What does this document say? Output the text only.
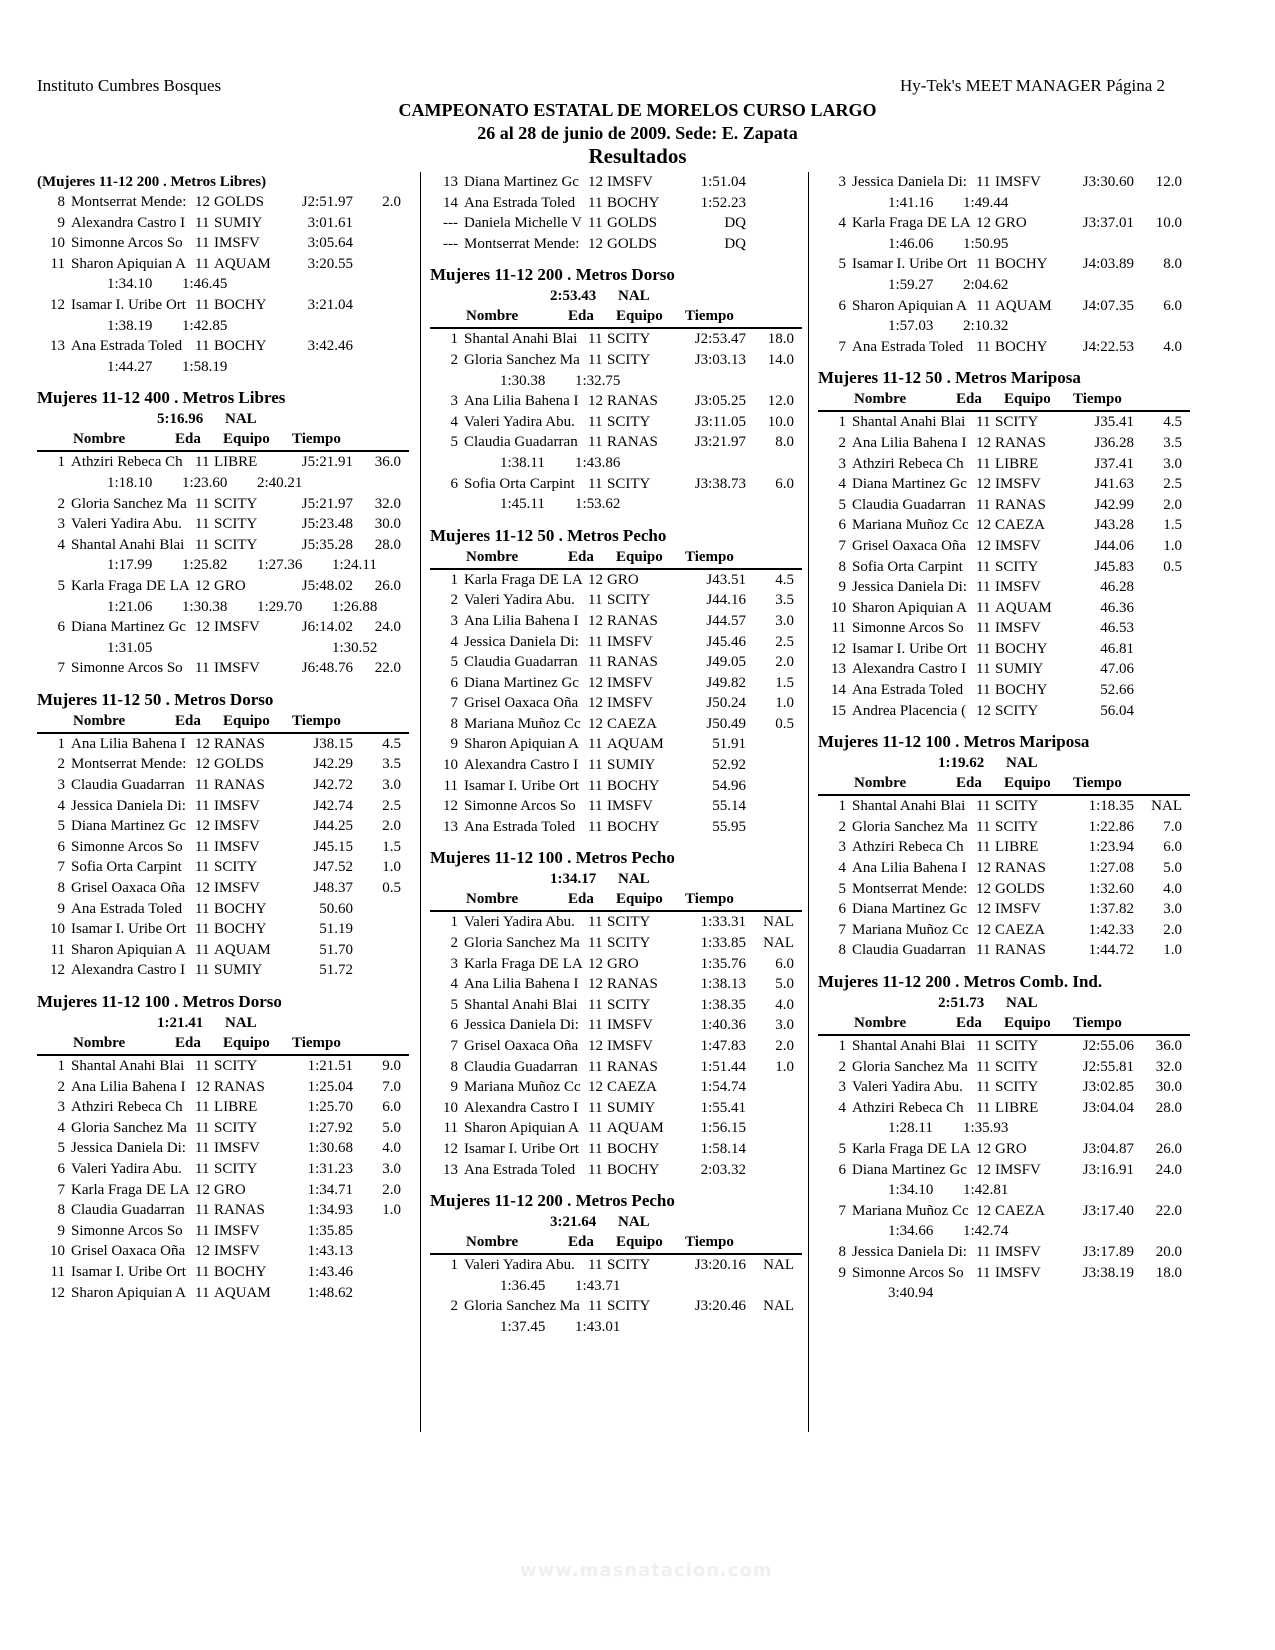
Instituto Cumbres Bosques	Hy-Tek's MEET MANAGER Página 2
CAMPEONATO ESTATAL DE MORELOS CURSO LARGO
26 al 28 de junio de 2009. Sede: E. Zapata
Resultados
www.masnatacion.com
(Mujeres 11-12 200 . Metros Libres)
8 Montserrat Mende: 12 GOLDS	J2:51.97	2.0
9 Alexandra Castro I 11 SUMIY	3:01.61
10 Simonne Arcos So 11 IMSFV	3:05.64
11 Sharon Apiquian A 11 AQUAM	3:20.55
1:34.10	1:46.45
12 Isamar I. Uribe Ort 11 BOCHY	3:21.04
1:38.19	1:42.85
13 Ana Estrada Toled 11 BOCHY	3:42.46
1:44.27	1:58.19
Mujeres 11-12 400 . Metros Libres
5:16.96 NAL
Nombre	Eda Equipo Tiempo
1 Athziri Rebeca Ch 11 LIBRE	J5:21.91	36.0
1:18.10	1:23.60	2:40.21
2 Gloria Sanchez Ma 11 SCITY	J5:21.97	32.0
3 Valeri Yadira Abu. 11 SCITY	J5:23.48	30.0
4 Shantal Anahi Blai 11 SCITY	J5:35.28	28.0
1:17.99	1:25.82	1:27.36	1:24.11
5 Karla Fraga DE LA 12 GRO	J5:48.02	26.0
1:21.06	1:30.38	1:29.70	1:26.88
6 Diana Martinez Gc 12 IMSFV	J6:14.02	24.0
1:31.05	1:30.52
7 Simonne Arcos So 11 IMSFV	J6:48.76	22.0
Mujeres 11-12 50 . Metros Dorso
Nombre	Eda Equipo Tiempo
1 Ana Lilia Bahena I 12 RANAS	J38.15	4.5
2 Montserrat Mende: 12 GOLDS	J42.29	3.5
3 Claudia Guadarran 11 RANAS	J42.72	3.0
4 Jessica Daniela Di: 11 IMSFV	J42.74	2.5
5 Diana Martinez Gc 12 IMSFV	J44.25	2.0
6 Simonne Arcos So 11 IMSFV	J45.15	1.5
7 Sofia Orta Carpint 11 SCITY	J47.52	1.0
8 Grisel Oaxaca Oña 12 IMSFV	J48.37	0.5
9 Ana Estrada Toled 11 BOCHY	50.60
10 Isamar I. Uribe Ort 11 BOCHY	51.19
11 Sharon Apiquian A 11 AQUAM	51.70
12 Alexandra Castro I 11 SUMIY	51.72
Mujeres 11-12 100 . Metros Dorso
1:21.41 NAL
Nombre	Eda Equipo Tiempo
1 Shantal Anahi Blai 11 SCITY	1:21.51	9.0
2 Ana Lilia Bahena I 12 RANAS	1:25.04	7.0
3 Athziri Rebeca Ch 11 LIBRE	1:25.70	6.0
4 Gloria Sanchez Ma 11 SCITY	1:27.92	5.0
5 Jessica Daniela Di: 11 IMSFV	1:30.68	4.0
6 Valeri Yadira Abu. 11 SCITY	1:31.23	3.0
7 Karla Fraga DE LA 12 GRO	1:34.71	2.0
8 Claudia Guadarran 11 RANAS	1:34.93	1.0
9 Simonne Arcos So 11 IMSFV	1:35.85
10 Grisel Oaxaca Oña 12 IMSFV	1:43.13
11 Isamar I. Uribe Ort 11 BOCHY	1:43.46
12 Sharon Apiquian A 11 AQUAM	1:48.62
13 Diana Martinez Gc 12 IMSFV	1:51.04
14 Ana Estrada Toled 11 BOCHY	1:52.23
--- Daniela Michelle V 11 GOLDS	DQ
--- Montserrat Mende: 12 GOLDS	DQ
Mujeres 11-12 200 . Metros Dorso
2:53.43 NAL
Nombre	Eda Equipo Tiempo
1 Shantal Anahi Blai 11 SCITY	J2:53.47	18.0
2 Gloria Sanchez Ma 11 SCITY	J3:03.13	14.0
1:30.38	1:32.75
3 Ana Lilia Bahena I 12 RANAS	J3:05.25	12.0
4 Valeri Yadira Abu. 11 SCITY	J3:11.05	10.0
5 Claudia Guadarran 11 RANAS	J3:21.97	8.0
1:38.11	1:43.86
6 Sofia Orta Carpint 11 SCITY	J3:38.73	6.0
1:45.11	1:53.62
Mujeres 11-12 50 . Metros Pecho
Nombre	Eda Equipo Tiempo
1 Karla Fraga DE LA 12 GRO	J43.51	4.5
2 Valeri Yadira Abu. 11 SCITY	J44.16	3.5
3 Ana Lilia Bahena I 12 RANAS	J44.57	3.0
4 Jessica Daniela Di: 11 IMSFV	J45.46	2.5
5 Claudia Guadarran 11 RANAS	J49.05	2.0
6 Diana Martinez Gc 12 IMSFV	J49.82	1.5
7 Grisel Oaxaca Oña 12 IMSFV	J50.24	1.0
8 Mariana Muñoz Cc 12 CAEZA	J50.49	0.5
9 Sharon Apiquian A 11 AQUAM	51.91
10 Alexandra Castro I 11 SUMIY	52.92
11 Isamar I. Uribe Ort 11 BOCHY	54.96
12 Simonne Arcos So 11 IMSFV	55.14
13 Ana Estrada Toled 11 BOCHY	55.95
Mujeres 11-12 100 . Metros Pecho
1:34.17 NAL
Nombre	Eda Equipo Tiempo
1 Valeri Yadira Abu. 11 SCITY	1:33.31	NAL
2 Gloria Sanchez Ma 11 SCITY	1:33.85	NAL
3 Karla Fraga DE LA 12 GRO	1:35.76	6.0
4 Ana Lilia Bahena I 12 RANAS	1:38.13	5.0
5 Shantal Anahi Blai 11 SCITY	1:38.35	4.0
6 Jessica Daniela Di: 11 IMSFV	1:40.36	3.0
7 Grisel Oaxaca Oña 12 IMSFV	1:47.83	2.0
8 Claudia Guadarran 11 RANAS	1:51.44	1.0
9 Mariana Muñoz Cc 12 CAEZA	1:54.74
10 Alexandra Castro I 11 SUMIY	1:55.41
11 Sharon Apiquian A 11 AQUAM	1:56.15
12 Isamar I. Uribe Ort 11 BOCHY	1:58.14
13 Ana Estrada Toled 11 BOCHY	2:03.32
Mujeres 11-12 200 . Metros Pecho
3:21.64 NAL
Nombre	Eda Equipo Tiempo
1 Valeri Yadira Abu. 11 SCITY	J3:20.16	NAL
1:36.45	1:43.71
2 Gloria Sanchez Ma 11 SCITY	J3:20.46	NAL
1:37.45	1:43.01
3 Jessica Daniela Di: 11 IMSFV	J3:30.60	12.0
1:41.16	1:49.44
4 Karla Fraga DE LA 12 GRO	J3:37.01	10.0
1:46.06	1:50.95
5 Isamar I. Uribe Ort 11 BOCHY	J4:03.89	8.0
1:59.27	2:04.62
6 Sharon Apiquian A 11 AQUAM	J4:07.35	6.0
1:57.03	2:10.32
7 Ana Estrada Toled 11 BOCHY	J4:22.53	4.0
Mujeres 11-12 50 . Metros Mariposa
Nombre	Eda Equipo Tiempo
1 Shantal Anahi Blai 11 SCITY	J35.41	4.5
2 Ana Lilia Bahena I 12 RANAS	J36.28	3.5
3 Athziri Rebeca Ch 11 LIBRE	J37.41	3.0
4 Diana Martinez Gc 12 IMSFV	J41.63	2.5
5 Claudia Guadarran 11 RANAS	J42.99	2.0
6 Mariana Muñoz Cc 12 CAEZA	J43.28	1.5
7 Grisel Oaxaca Oña 12 IMSFV	J44.06	1.0
8 Sofia Orta Carpint 11 SCITY	J45.83	0.5
9 Jessica Daniela Di: 11 IMSFV	46.28
10 Sharon Apiquian A 11 AQUAM	46.36
11 Simonne Arcos So 11 IMSFV	46.53
12 Isamar I. Uribe Ort 11 BOCHY	46.81
13 Alexandra Castro I 11 SUMIY	47.06
14 Ana Estrada Toled 11 BOCHY	52.66
15 Andrea Placencia ( 12 SCITY	56.04
Mujeres 11-12 100 . Metros Mariposa
1:19.62 NAL
Nombre	Eda Equipo Tiempo
1 Shantal Anahi Blai 11 SCITY	1:18.35	NAL
2 Gloria Sanchez Ma 11 SCITY	1:22.86	7.0
3 Athziri Rebeca Ch 11 LIBRE	1:23.94	6.0
4 Ana Lilia Bahena I 12 RANAS	1:27.08	5.0
5 Montserrat Mende: 12 GOLDS	1:32.60	4.0
6 Diana Martinez Gc 12 IMSFV	1:37.82	3.0
7 Mariana Muñoz Cc 12 CAEZA	1:42.33	2.0
8 Claudia Guadarran 11 RANAS	1:44.72	1.0
Mujeres 11-12 200 . Metros Comb. Ind.
2:51.73 NAL
Nombre	Eda Equipo Tiempo
1 Shantal Anahi Blai 11 SCITY	J2:55.06	36.0
2 Gloria Sanchez Ma 11 SCITY	J2:55.81	32.0
3 Valeri Yadira Abu. 11 SCITY	J3:02.85	30.0
4 Athziri Rebeca Ch 11 LIBRE	J3:04.04	28.0
1:28.11	1:35.93
5 Karla Fraga DE LA 12 GRO	J3:04.87	26.0
6 Diana Martinez Gc 12 IMSFV	J3:16.91	24.0
1:34.10	1:42.81
7 Mariana Muñoz Cc 12 CAEZA	J3:17.40	22.0
1:34.66	1:42.74
8 Jessica Daniela Di: 11 IMSFV	J3:17.89	20.0
9 Simonne Arcos So 11 IMSFV	J3:38.19	18.0
3:40.94
